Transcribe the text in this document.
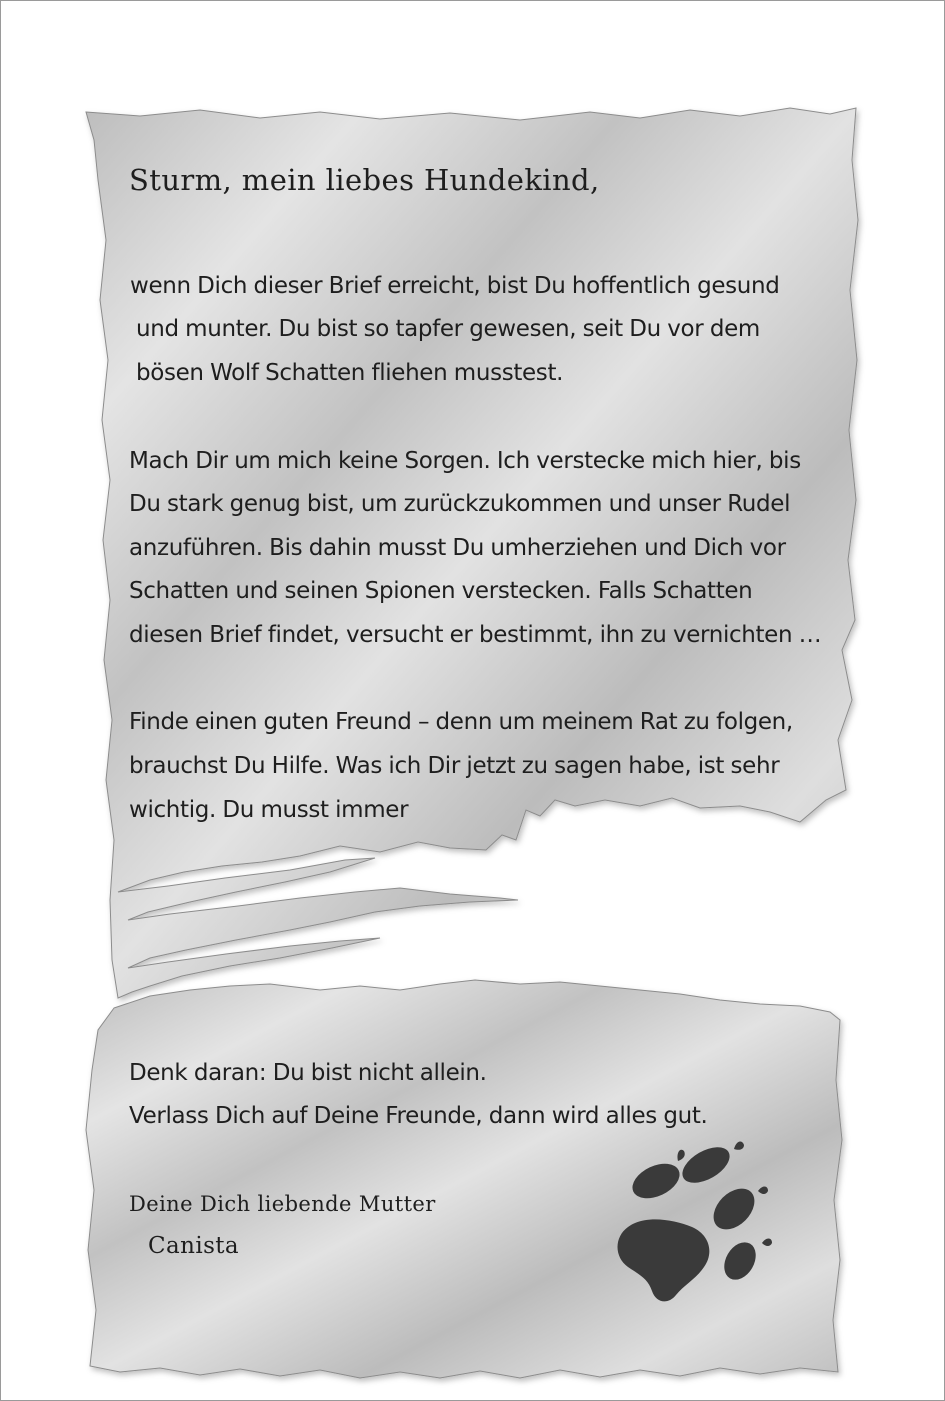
Sturm, mein liebes Hundekind,
wenn Dich dieser Brief erreicht, bist Du hoffentlich gesund
und munter. Du bist so tapfer gewesen, seit Du vor dem
bösen Wolf Schatten fliehen musstest.
Mach Dir um mich keine Sorgen. Ich verstecke mich hier, bis
Du stark genug bist, um zurückzukommen und unser Rudel
anzuführen. Bis dahin musst Du umherziehen und Dich vor
Schatten und seinen Spionen verstecken. Falls Schatten
diesen Brief findet, versucht er bestimmt, ihn zu vernichten …
Finde einen guten Freund – denn um meinem Rat zu folgen,
brauchst Du Hilfe. Was ich Dir jetzt zu sagen habe, ist sehr
wichtig. Du musst immer
Denk daran: Du bist nicht allein.
Verlass Dich auf Deine Freunde, dann wird alles gut.
Deine Dich liebende Mutter
Canista
